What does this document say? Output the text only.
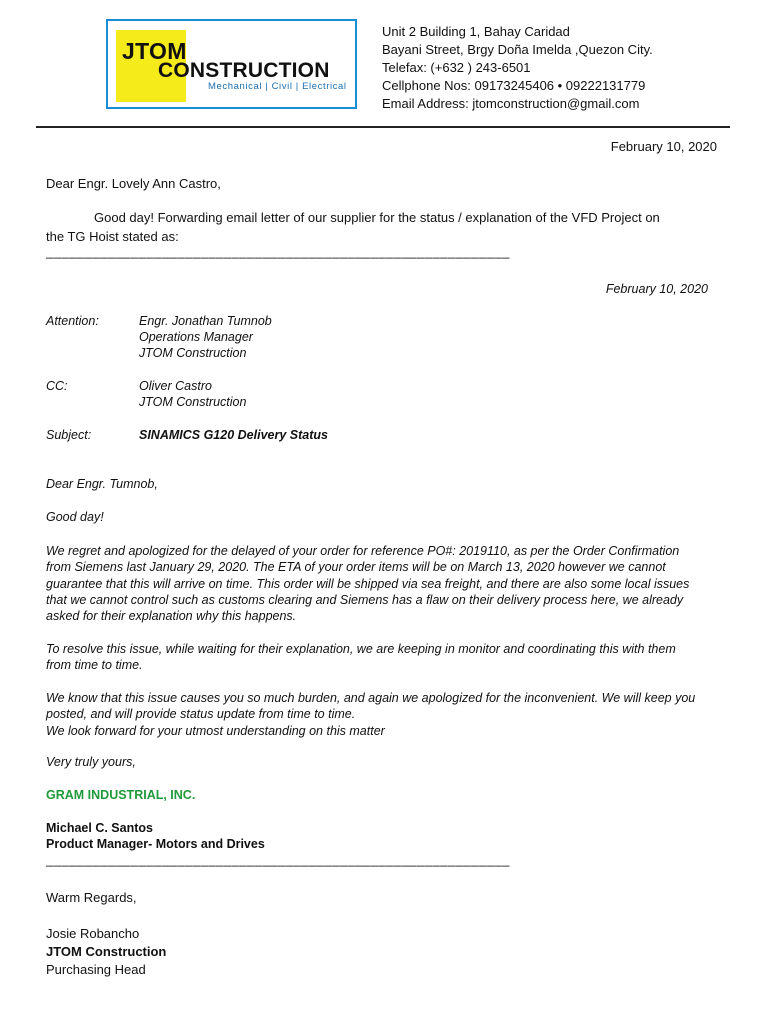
JTOM
CONSTRUCTION
Mechanical | Civil | Electrical
Unit 2 Building 1, Bahay Caridad
Bayani Street, Brgy Doña Imelda ,Quezon City.
Telefax: (+632 ) 243-6501
Cellphone Nos: 09173245406 • 09222131779
Email Address: jtomconstruction@gmail.com
February 10, 2020
Dear Engr. Lovely Ann Castro,
Good day! Forwarding email letter of our supplier for the status / explanation of the VFD Project on
the TG Hoist stated as:
____________________________________________________________
February 10, 2020
Attention:	Engr. Jonathan Tumnob
Operations Manager
JTOM Construction
CC:	Oliver Castro
JTOM Construction
Subject:	SINAMICS G120 Delivery Status
Dear Engr. Tumnob,
Good day!
We regret and apologized for the delayed of your order for reference PO#: 2019110, as per the Order Confirmation
from Siemens last January 29, 2020. The ETA of your order items will be on March 13, 2020 however we cannot
guarantee that this will arrive on time. This order will be shipped via sea freight, and there are also some local issues
that we cannot control such as customs clearing and Siemens has a flaw on their delivery process here, we already
asked for their explanation why this happens.
To resolve this issue, while waiting for their explanation, we are keeping in monitor and coordinating this with them
from time to time.
We know that this issue causes you so much burden, and again we apologized for the inconvenient. We will keep you
posted, and will provide status update from time to time.
We look forward for your utmost understanding on this matter
Very truly yours,
GRAM INDUSTRIAL, INC.
Michael C. Santos
Product Manager- Motors and Drives
____________________________________________________________
Warm Regards,
Josie Robancho
JTOM Construction
Purchasing Head
